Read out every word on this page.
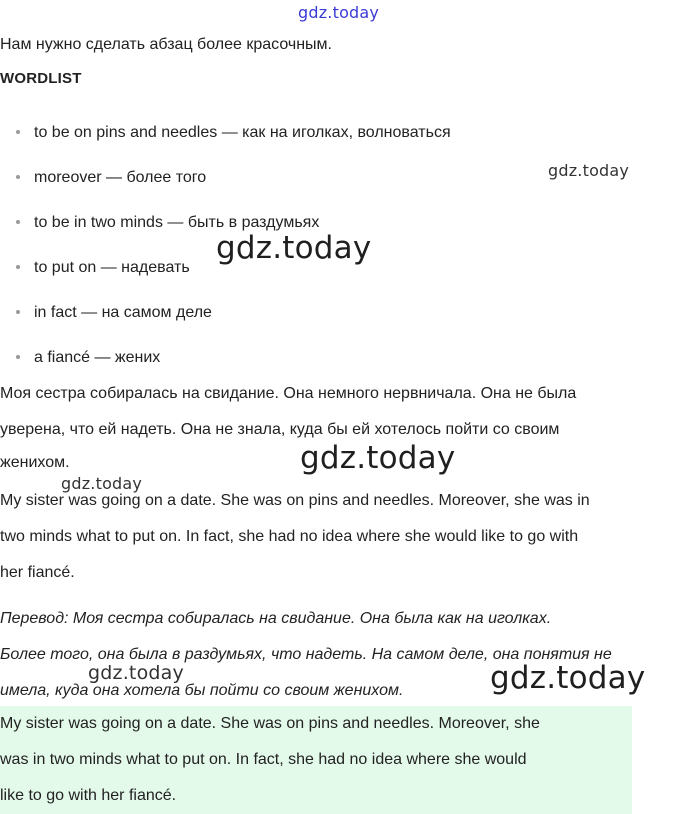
gdz.today
gdz.today
gdz.today
gdz.today
gdz.today
gdz.today	gdz.today
Нам нужно сделать абзац более красочным.
WORDLIST
to be on pins and needles — как на иголках, волноваться
moreover — более того
to be in two minds — быть в раздумьях
to put on — надевать
in fact — на самом деле
a fiancé — жених
Моя сестра собиралась на свидание. Она немного нервничала. Она не была
уверена, что ей надеть. Она не знала, куда бы ей хотелось пойти со своим
женихом.
My sister was going on a date. She was on pins and needles. Moreover, she was in
two minds what to put on. In fact, she had no idea where she would like to go with
her fiancé.
Перевод: Моя сестра собиралась на свидание. Она была как на иголках.
Более того, она была в раздумьях, что надеть. На самом деле, она понятия не
имела, куда она хотела бы пойти со своим женихом.
My sister was going on a date. She was on pins and needles. Moreover, she
was in two minds what to put on. In fact, she had no idea where she would
like to go with her fiancé.
